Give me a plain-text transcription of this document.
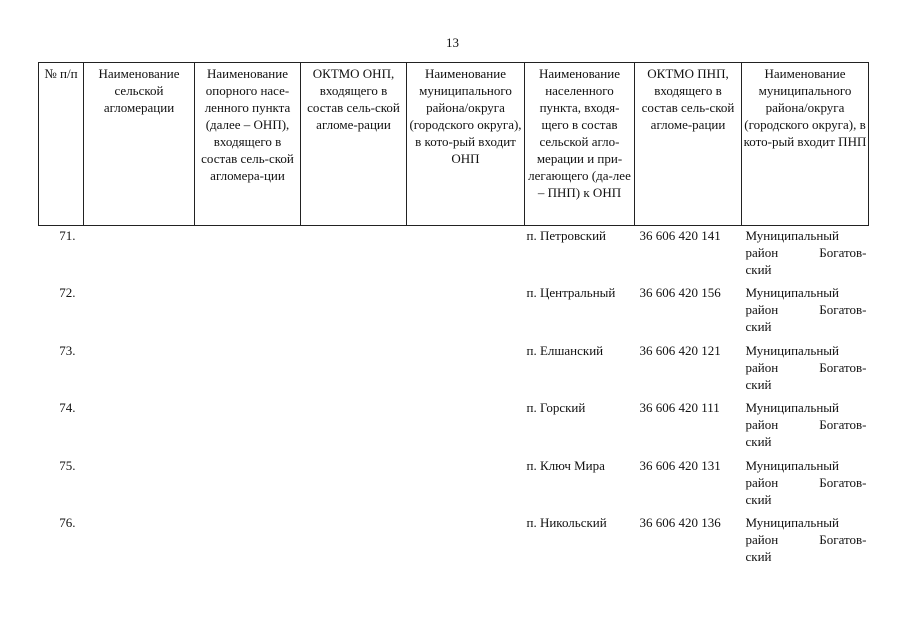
13
№ п/п	Наименование сельской агломерации	Наименование опорного насе-ленного пункта (далее – ОНП), входящего в состав сель-ской агломера-ции	ОКТМО ОНП, входящего в состав сель-ской агломе-рации	Наименование муниципального района/округа (городского округа), в кото-рый входит ОНП	Наименование населенного пункта, входя-щего в состав сельской агло-мерации и при-легающего (да-лее – ПНП) к ОНП	ОКТМО ПНП, входящего в состав сель-ской агломе-рации	Наименование муниципального района/округа (городского округа), в кото-рый входит ПНП
71.					п. Петровский	36 606 420 141	Муниципальный
район Богатов-
ский

72.					п. Центральный	36 606 420 156	Муниципальный
район Богатов-
ский

73.					п. Елшанский	36 606 420 121	Муниципальный
район Богатов-
ский

74.					п. Горский	36 606 420 111	Муниципальный
район Богатов-
ский

75.					п. Ключ Мира	36 606 420 131	Муниципальный
район Богатов-
ский

76.					п. Никольский	36 606 420 136	Муниципальный
район Богатов-
ский
